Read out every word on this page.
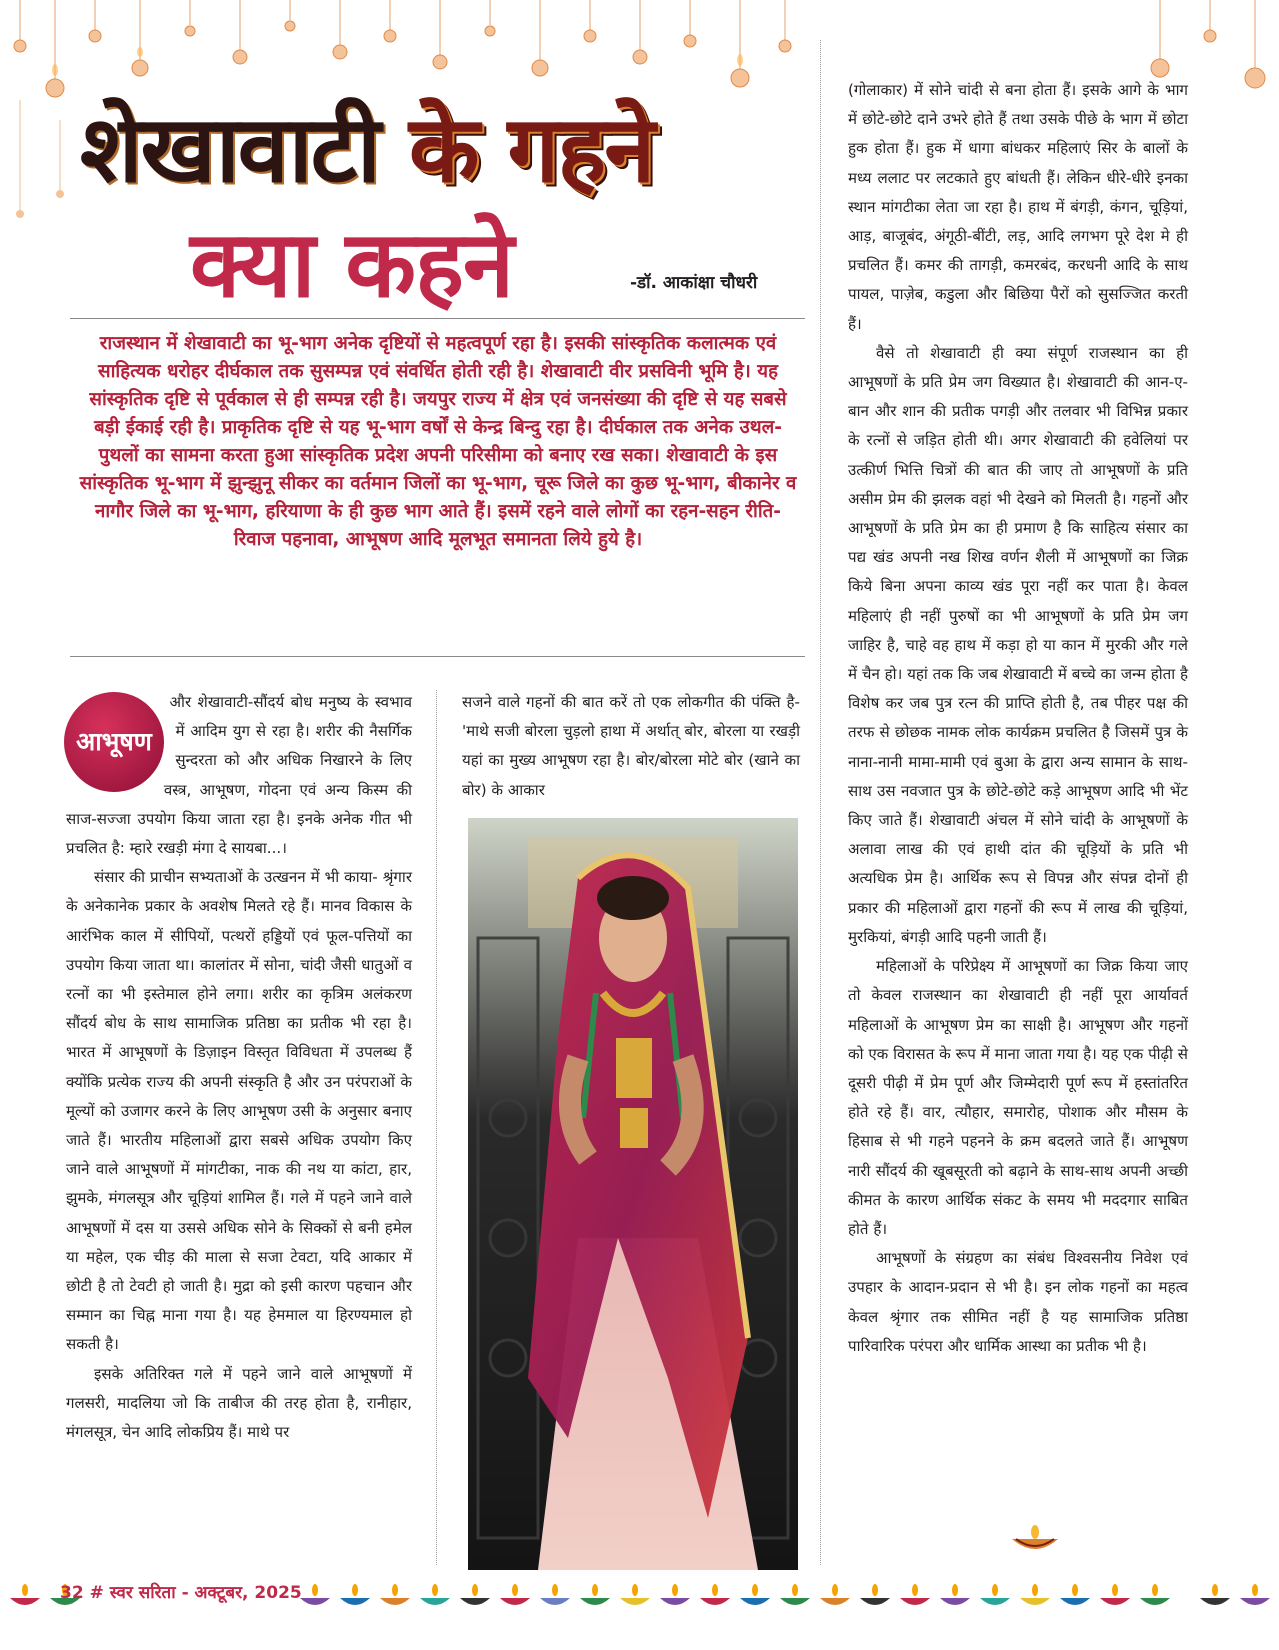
शेखावाटी के गहने
क्या कहने	-डॉ. आकांक्षा चौधरी
राजस्थान में शेखावाटी का भू-भाग अनेक दृष्टियों से महत्वपूर्ण रहा है। इसकी सांस्कृतिक कलात्मक एवं साहित्यक धरोहर दीर्घकाल तक सुसम्पन्न एवं संवर्धित होती रही है। शेखावाटी वीर प्रसविनी भूमि है। यह सांस्कृतिक दृष्टि से पूर्वकाल से ही सम्पन्न रही है। जयपुर राज्य में क्षेत्र एवं जनसंख्या की दृष्टि से यह सबसे बड़ी ईकाई रही है। प्राकृतिक दृष्टि से यह भू-भाग वर्षों से केन्द्र बिन्दु रहा है। दीर्घकाल तक अनेक उथल-पुथलों का सामना करता हुआ सांस्कृतिक प्रदेश अपनी परिसीमा को बनाए रख सका। शेखावाटी के इस सांस्कृतिक भू-भाग में झुन्झुनू सीकर का वर्तमान जिलों का भू-भाग, चूरू जिले का कुछ भू-भाग, बीकानेर व नागौर जिले का भू-भाग, हरियाणा के ही कुछ भाग आते हैं। इसमें रहने वाले लोगों का रहन-सहन रीति-रिवाज पहनावा, आभूषण आदि मूलभूत समानता लिये हुये है।
आभूषण

और शेखावाटी-सौंदर्य बोध मनुष्य के स्वभाव में आदिम युग से रहा है। शरीर की नैसर्गिक सुन्दरता को और अधिक निखारने के लिए वस्त्र, आभूषण, गोदना एवं अन्य किस्म की साज-सज्जा उपयोग किया जाता रहा है। इनके अनेक गीत भी प्रचलित है: म्हारे रखड़ी मंगा दे सायबा...।

संसार की प्राचीन सभ्यताओं के उत्खनन में भी काया- श्रृंगार के अनेकानेक प्रकार के अवशेष मिलते रहे हैं। मानव विकास के आरंभिक काल में सीपियों, पत्थरों हड्डियों एवं फूल-पत्तियों का उपयोग किया जाता था। कालांतर में सोना, चांदी जैसी धातुओं व रत्नों का भी इस्तेमाल होने लगा। शरीर का कृत्रिम अलंकरण सौंदर्य बोध के साथ सामाजिक प्रतिष्ठा का प्रतीक भी रहा है। भारत में आभूषणों के डिज़ाइन विस्तृत विविधता में उपलब्ध हैं क्योंकि प्रत्येक राज्य की अपनी संस्कृति है और उन परंपराओं के मूल्यों को उजागर करने के लिए आभूषण उसी के अनुसार बनाए जाते हैं। भारतीय महिलाओं द्वारा सबसे अधिक उपयोग किए जाने वाले आभूषणों में मांगटीका, नाक की नथ या कांटा, हार, झुमके, मंगलसूत्र और चूड़ियां शामिल हैं। गले में पहने जाने वाले आभूषणों में दस या उससे अधिक सोने के सिक्कों से बनी हमेल या महेल, एक चीड़ की माला से सजा टेवटा, यदि आकार में छोटी है तो टेवटी हो जाती है। मुद्रा को इसी कारण पहचान और सम्मान का चिह्न माना गया है। यह हेममाल या हिरण्यमाल हो सकती है।

इसके अतिरिक्त गले में पहने जाने वाले आभूषणों में गलसरी, मादलिया जो कि ताबीज की तरह होता है, रानीहार, मंगलसूत्र, चेन आदि लोकप्रिय हैं। माथे पर

सजने वाले गहनों की बात करें तो एक लोकगीत की पंक्ति है- 'माथे सजी बोरला चुड़लो हाथा में अर्थात् बोर, बोरला या रखड़ी यहां का मुख्य आभूषण रहा है। बोर/बोरला मोटे बोर (खाने का बोर) के आकार

(गोलाकार) में सोने चांदी से बना होता हैं। इसके आगे के भाग में छोटे-छोटे दाने उभरे होते हैं तथा उसके पीछे के भाग में छोटा हुक होता हैं। हुक में धागा बांधकर महिलाएं सिर के बालों के मध्य ललाट पर लटकाते हुए बांधती हैं। लेकिन धीरे-धीरे इनका स्थान मांगटीका लेता जा रहा है। हाथ में बंगड़ी, कंगन, चूड़ियां, आड़, बाजूबंद, अंगूठी-बींटी, लड़, आदि लगभग पूरे देश मे ही प्रचलित हैं। कमर की तागड़ी, कमरबंद, करधनी आदि के साथ पायल, पाज़ेब, कडुला और बिछिया पैरों को सुसज्जित करती हैं।

वैसे तो शेखावाटी ही क्या संपूर्ण राजस्थान का ही आभूषणों के प्रति प्रेम जग विख्यात है। शेखावाटी की आन-ए-बान और शान की प्रतीक पगड़ी और तलवार भी विभिन्न प्रकार के रत्नों से जड़ित होती थी। अगर शेखावाटी की हवेलियां पर उत्कीर्ण भित्ति चित्रों की बात की जाए तो आभूषणों के प्रति असीम प्रेम की झलक वहां भी देखने को मिलती है। गहनों और आभूषणों के प्रति प्रेम का ही प्रमाण है कि साहित्य संसार का पद्य खंड अपनी नख शिख वर्णन शैली में आभूषणों का जिक्र किये बिना अपना काव्य खंड पूरा नहीं कर पाता है। केवल महिलाएं ही नहीं पुरुषों का भी आभूषणों के प्रति प्रेम जग जाहिर है, चाहे वह हाथ में कड़ा हो या कान में मुरकी और गले में चैन हो। यहां तक कि जब शेखावाटी में बच्चे का जन्म होता है विशेष कर जब पुत्र रत्न की प्राप्ति होती है, तब पीहर पक्ष की तरफ से छोछक नामक लोक कार्यक्रम प्रचलित है जिसमें पुत्र के नाना-नानी मामा-मामी एवं बुआ के द्वारा अन्य सामान के साथ-साथ उस नवजात पुत्र के छोटे-छोटे कड़े आभूषण आदि भी भेंट किए जाते हैं। शेखावाटी अंचल में सोने चांदी के आभूषणों के अलावा लाख की एवं हाथी दांत की चूड़ियों के प्रति भी अत्यधिक प्रेम है। आर्थिक रूप से विपन्न और संपन्न दोनों ही प्रकार की महिलाओं द्वारा गहनों की रूप में लाख की चूड़ियां, मुरकियां, बंगड़ी आदि पहनी जाती हैं।

महिलाओं के परिप्रेक्ष्य में आभूषणों का जिक्र किया जाए तो केवल राजस्थान का शेखावाटी ही नहीं पूरा आर्यावर्त महिलाओं के आभूषण प्रेम का साक्षी है। आभूषण और गहनों को एक विरासत के रूप में माना जाता गया है। यह एक पीढ़ी से दूसरी पीढ़ी में प्रेम पूर्ण और जिम्मेदारी पूर्ण रूप में हस्तांतरित होते रहे हैं। वार, त्यौहार, समारोह, पोशाक और मौसम के हिसाब से भी गहने पहनने के क्रम बदलते जाते हैं। आभूषण नारी सौंदर्य की खूबसूरती को बढ़ाने के साथ-साथ अपनी अच्छी कीमत के कारण आर्थिक संकट के समय भी मददगार साबित होते हैं।

आभूषणों के संग्रहण का संबंध विश्वसनीय निवेश एवं उपहार के आदान-प्रदान से भी है। इन लोक गहनों का महत्व केवल श्रृंगार तक सीमित नहीं है यह सामाजिक प्रतिष्ठा पारिवारिक परंपरा और धार्मिक आस्था का प्रतीक भी है।

32 # स्वर सरिता - अक्टूबर, 2025
